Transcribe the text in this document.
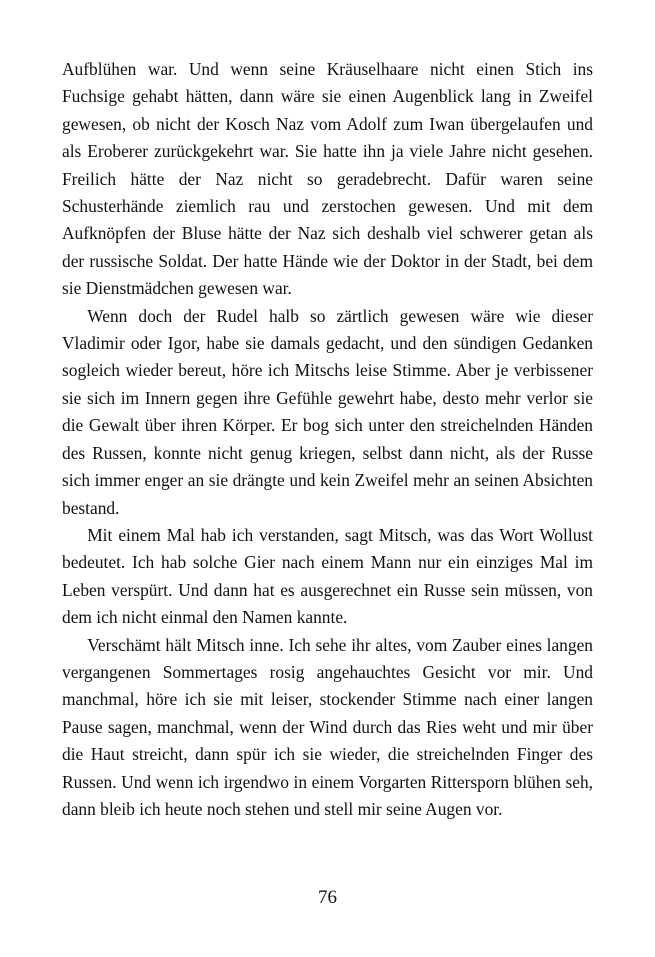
Aufblühen war. Und wenn seine Kräuselhaare nicht einen Stich ins Fuchsige gehabt hätten, dann wäre sie einen Augenblick lang in Zweifel gewesen, ob nicht der Kosch Naz vom Adolf zum Iwan übergelaufen und als Eroberer zurückgekehrt war. Sie hatte ihn ja viele Jahre nicht gesehen. Freilich hätte der Naz nicht so geradebrecht. Dafür waren seine Schusterhände ziemlich rau und zerstochen gewesen. Und mit dem Aufknöpfen der Bluse hätte der Naz sich deshalb viel schwerer getan als der russische Soldat. Der hatte Hände wie der Doktor in der Stadt, bei dem sie Dienstmädchen gewesen war.

Wenn doch der Rudel halb so zärtlich gewesen wäre wie dieser Vladimir oder Igor, habe sie damals gedacht, und den sündigen Gedanken sogleich wieder bereut, höre ich Mitschs leise Stimme. Aber je verbissener sie sich im Innern gegen ihre Gefühle gewehrt habe, desto mehr verlor sie die Gewalt über ihren Körper. Er bog sich unter den streichelnden Händen des Russen, konnte nicht genug kriegen, selbst dann nicht, als der Russe sich immer enger an sie drängte und kein Zweifel mehr an seinen Absichten bestand.

Mit einem Mal hab ich verstanden, sagt Mitsch, was das Wort Wollust bedeutet. Ich hab solche Gier nach einem Mann nur ein einziges Mal im Leben verspürt. Und dann hat es ausgerechnet ein Russe sein müssen, von dem ich nicht einmal den Namen kannte.

Verschämt hält Mitsch inne. Ich sehe ihr altes, vom Zauber eines langen vergangenen Sommertages rosig angehauchtes Gesicht vor mir. Und manchmal, höre ich sie mit leiser, stockender Stimme nach einer langen Pause sagen, manchmal, wenn der Wind durch das Ries weht und mir über die Haut streicht, dann spür ich sie wieder, die streichelnden Finger des Russen. Und wenn ich irgendwo in einem Vorgarten Rittersporn blühen seh, dann bleib ich heute noch stehen und stell mir seine Augen vor.

76
